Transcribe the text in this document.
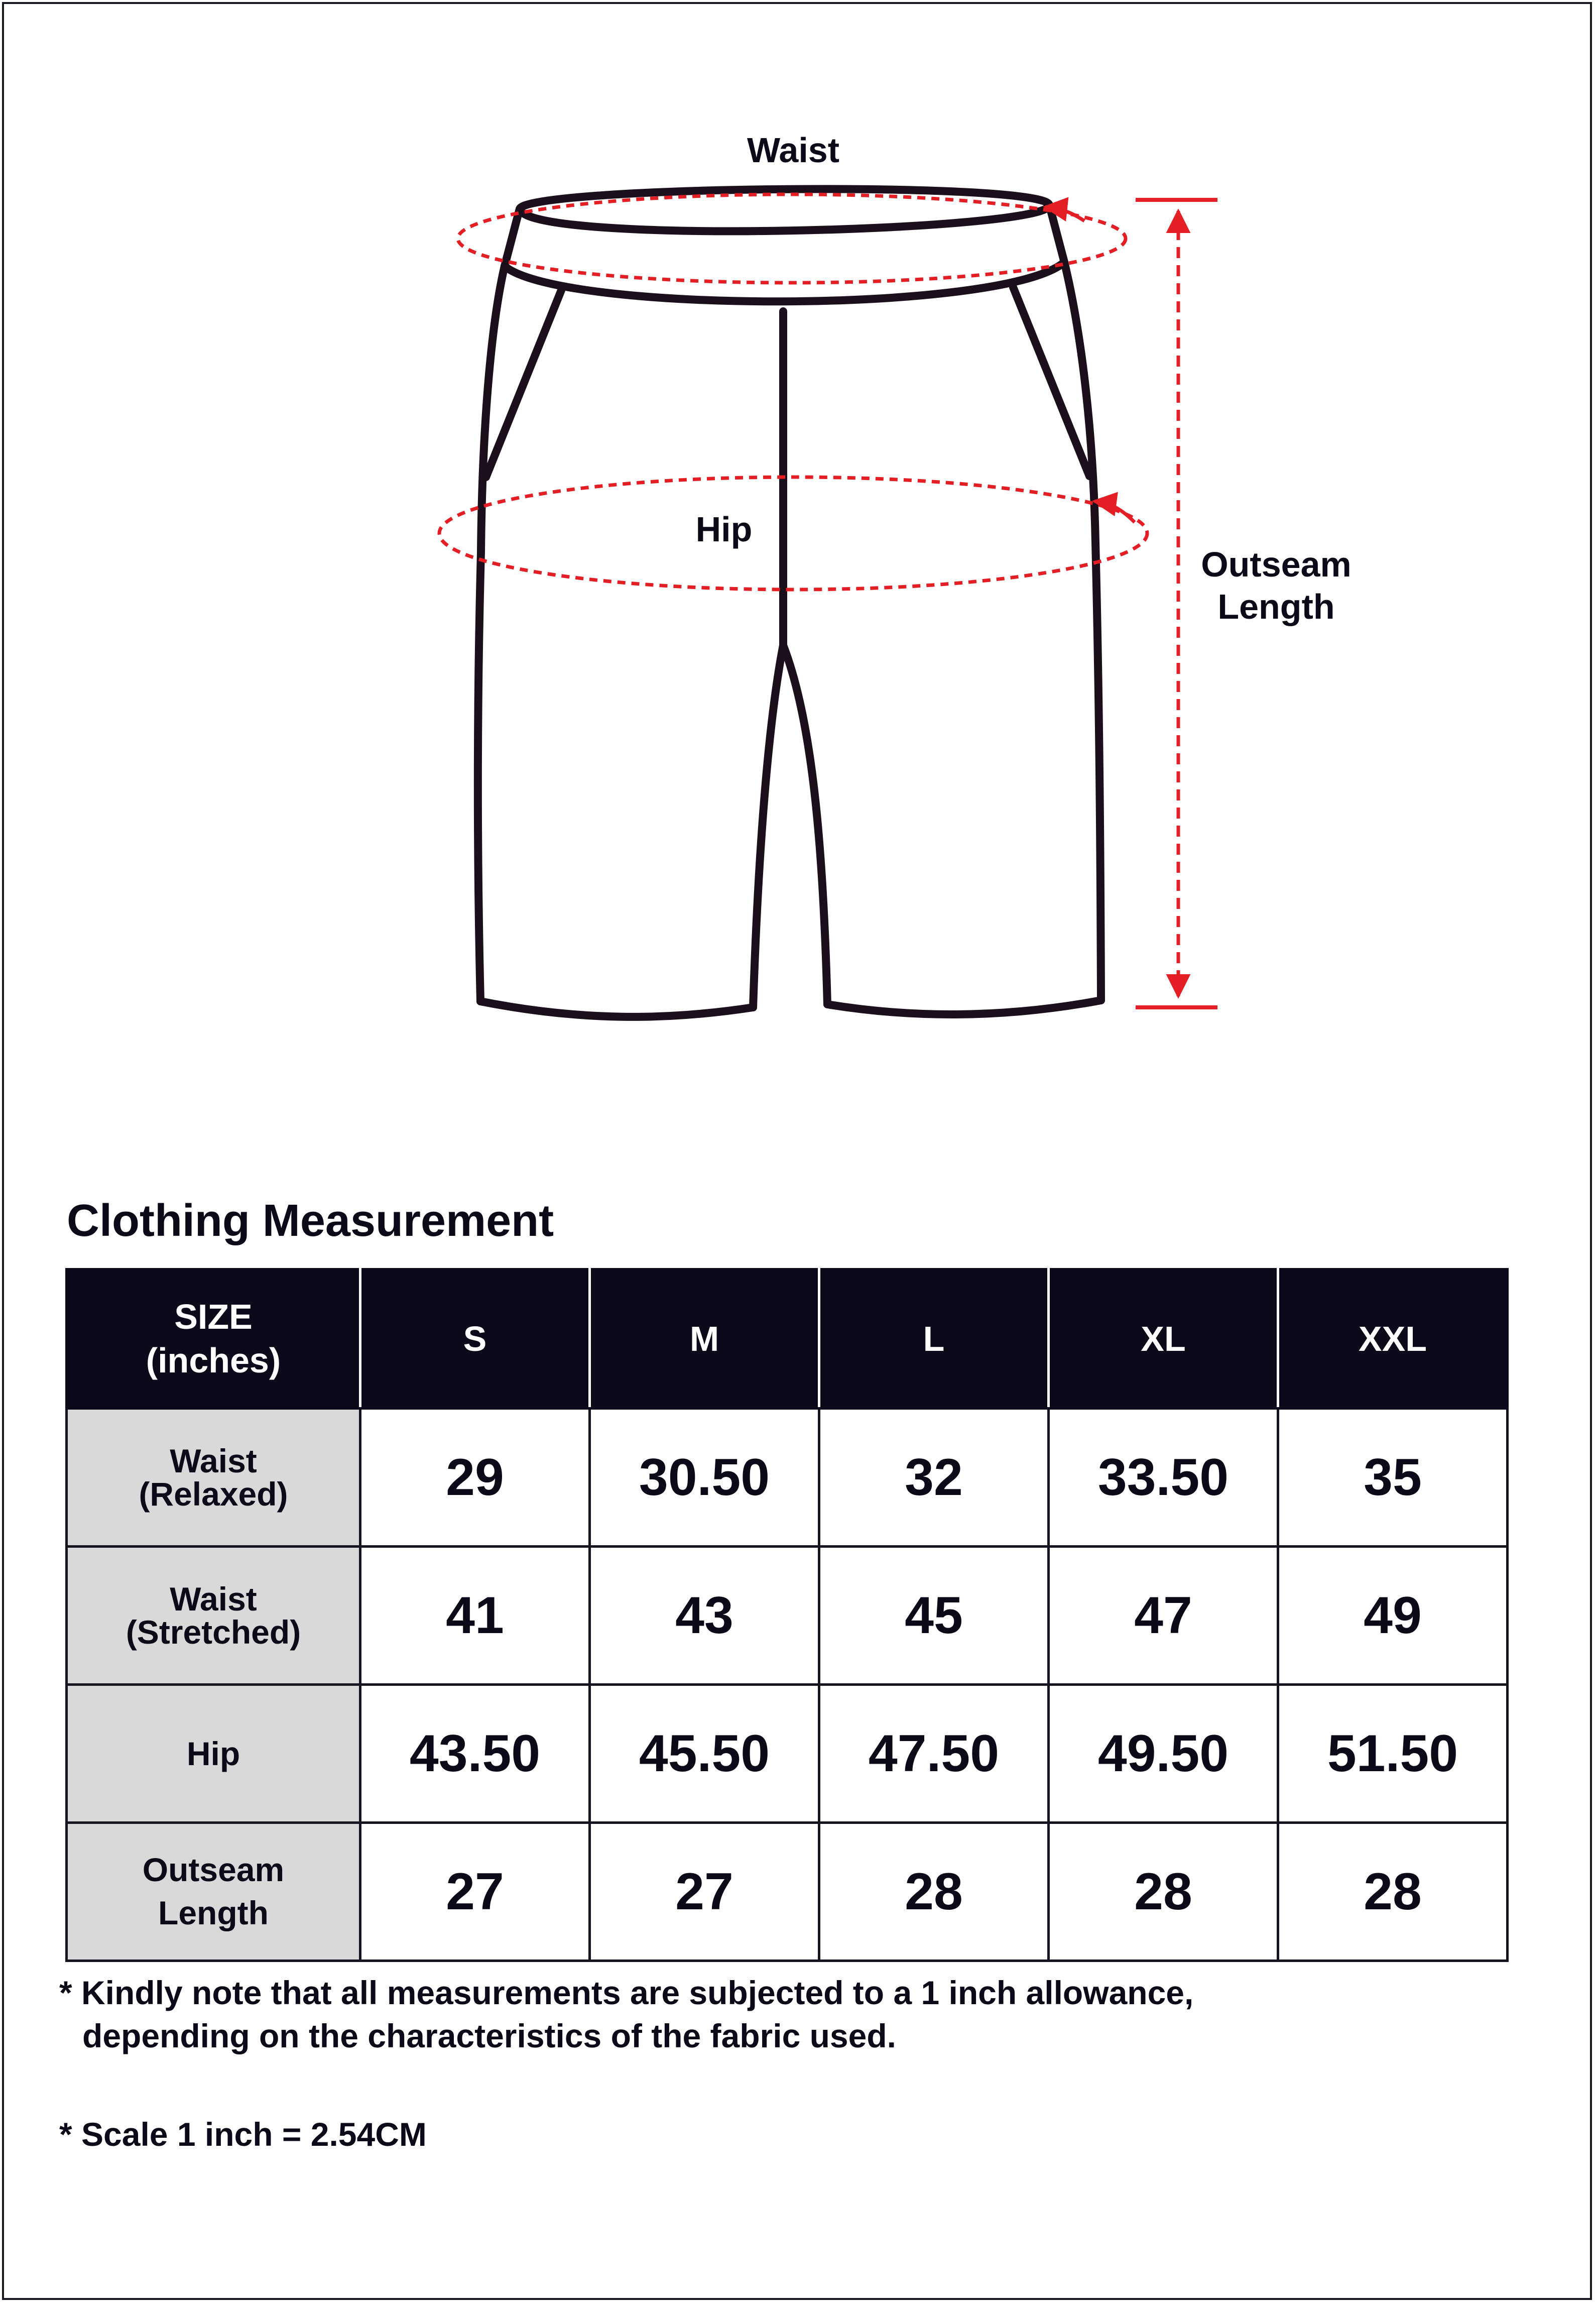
Waist
Hip
Outseam
Length
Clothing Measurement
SIZE
(inches)	S	M	L	XL	XXL
Waist
(Relaxed)	29	30.50	32	33.50	35
Waist
(Stretched)	41	43	45	47	49
Hip	43.50	45.50	47.50	49.50	51.50
Outseam
Length	27	27	28	28	28
* Kindly note that all measurements are subjected to a 1 inch allowance,
depending on the characteristics of the fabric used.
* Scale 1 inch = 2.54CM
